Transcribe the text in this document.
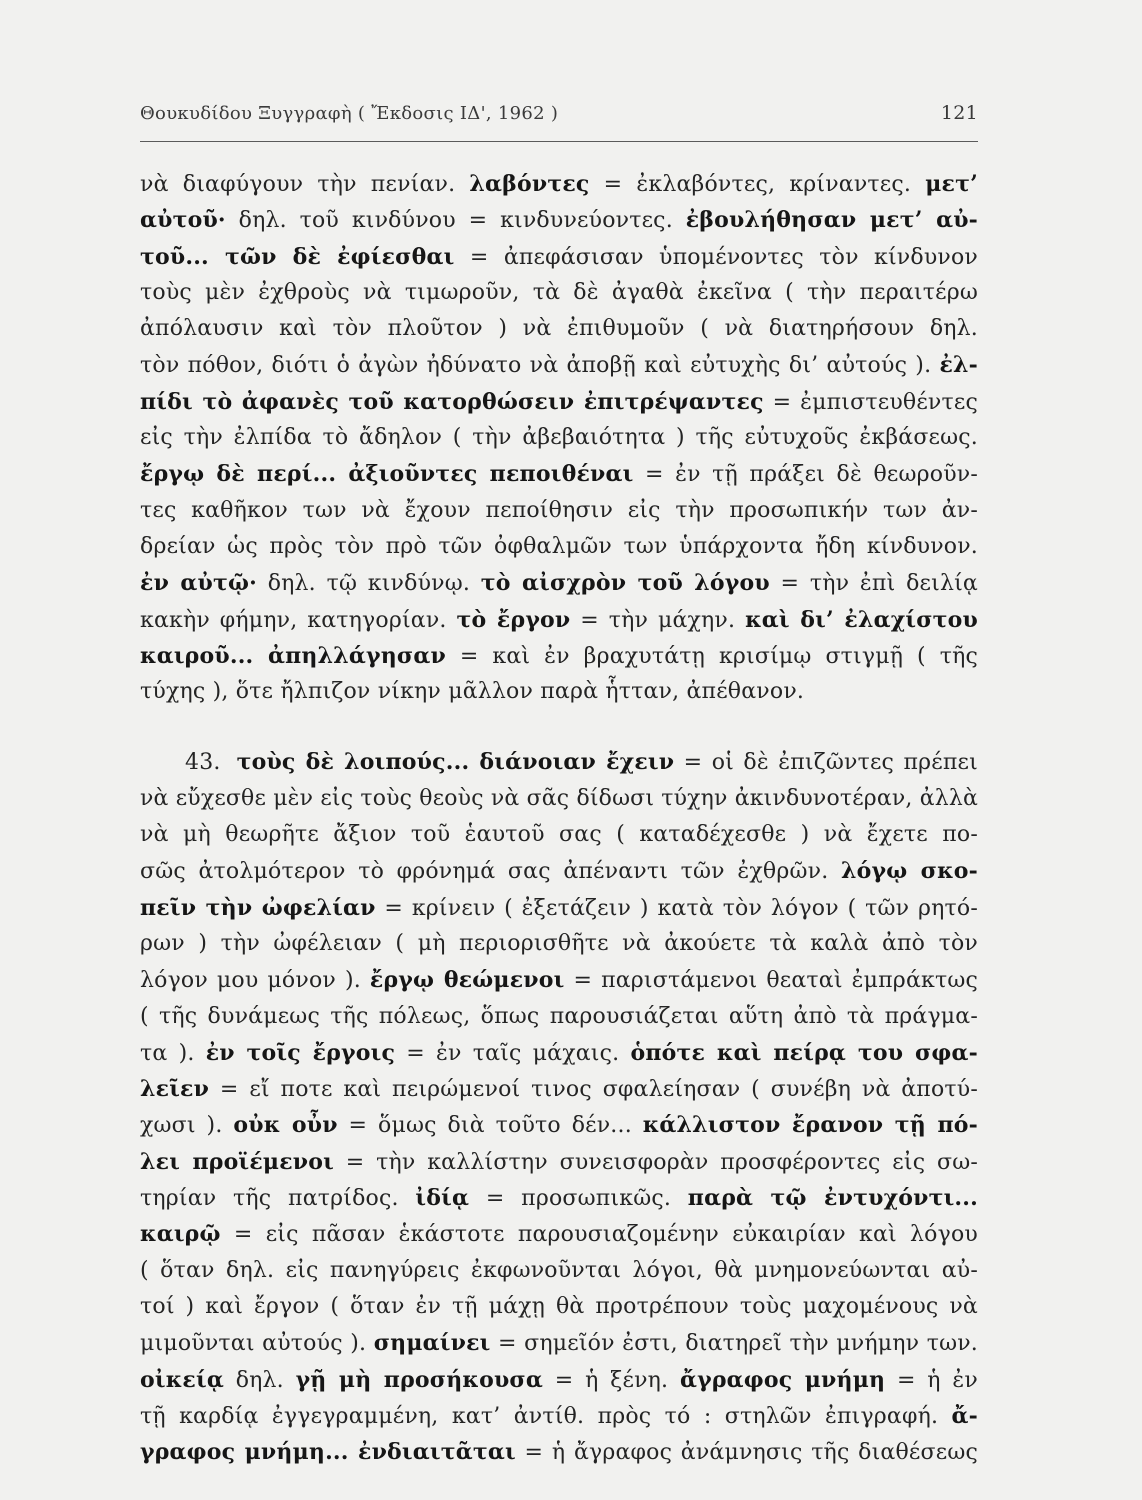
Θουκυδίδου Ξυγγραφὴ ( Ἔκδοσις ΙΔ', 1962 )	121
νὰ διαφύγουν τὴν πενίαν. λαβόντες = ἐκλαβόντες, κρίναντες. μετ’
αὐτοῦ· δηλ. τοῦ κινδύνου = κινδυνεύοντες. ἐβουλήθησαν μετ’ αὐ-
τοῦ... τῶν δὲ ἐφίεσθαι = ἀπεφάσισαν ὑπομένοντες τὸν κίνδυνον
τοὺς μὲν ἐχθροὺς νὰ τιμωροῦν, τὰ δὲ ἀγαθὰ ἐκεῖνα ( τὴν περαιτέρω
ἀπόλαυσιν καὶ τὸν πλοῦτον ) νὰ ἐπιθυμοῦν ( νὰ διατηρήσουν δηλ.
τὸν πόθον, διότι ὁ ἀγὼν ἠδύνατο νὰ ἀποβῇ καὶ εὐτυχὴς δι’ αὐτούς ). ἐλ-
πίδι τὸ ἀφανὲς τοῦ κατορθώσειν ἐπιτρέψαντες = ἐμπιστευθέντες
εἰς τὴν ἐλπίδα τὸ ἄδηλον ( τὴν ἀβεβαιότητα ) τῆς εὐτυχοῦς ἐκβάσεως.
ἔργῳ δὲ περί... ἀξιοῦντες πεποιθέναι = ἐν τῇ πράξει δὲ θεωροῦν-
τες καθῆκον των νὰ ἔχουν πεποίθησιν εἰς τὴν προσωπικήν των ἀν-
δρείαν ὡς πρὸς τὸν πρὸ τῶν ὀφθαλμῶν των ὑπάρχοντα ἤδη κίνδυνον.
ἐν αὐτῷ· δηλ. τῷ κινδύνῳ. τὸ αἰσχρὸν τοῦ λόγου = τὴν ἐπὶ δειλίᾳ
κακὴν φήμην, κατηγορίαν. τὸ ἔργον = τὴν μάχην. καὶ δι’ ἐλαχίστου
καιροῦ... ἀπηλλάγησαν = καὶ ἐν βραχυτάτῃ κρισίμῳ στιγμῇ ( τῆς
τύχης ), ὅτε ἤλπιζον νίκην μᾶλλον παρὰ ἧτταν, ἀπέθανον.
43. τοὺς δὲ λοιπούς... διάνοιαν ἔχειν = οἱ δὲ ἐπιζῶντες πρέπει
νὰ εὔχεσθε μὲν εἰς τοὺς θεοὺς νὰ σᾶς δίδωσι τύχην ἀκινδυνοτέραν, ἀλλὰ
νὰ μὴ θεωρῆτε ἄξιον τοῦ ἑαυτοῦ σας ( καταδέχεσθε ) νὰ ἔχετε πο-
σῶς ἀτολμότερον τὸ φρόνημά σας ἀπέναντι τῶν ἐχθρῶν. λόγῳ σκο-
πεῖν τὴν ὠφελίαν = κρίνειν ( ἐξετάζειν ) κατὰ τὸν λόγον ( τῶν ρητό-
ρων ) τὴν ὠφέλειαν ( μὴ περιορισθῆτε νὰ ἀκούετε τὰ καλὰ ἀπὸ τὸν
λόγον μου μόνον ). ἔργῳ θεώμενοι = παριστάμενοι θεαταὶ ἐμπράκτως
( τῆς δυνάμεως τῆς πόλεως, ὅπως παρουσιάζεται αὕτη ἀπὸ τὰ πράγμα-
τα ). ἐν τοῖς ἔργοις = ἐν ταῖς μάχαις. ὁπότε καὶ πείρᾳ του σφα-
λεῖεν = εἴ ποτε καὶ πειρώμενοί τινος σφαλείησαν ( συνέβη νὰ ἀποτύ-
χωσι ). οὐκ οὖν = ὅμως διὰ τοῦτο δέν... κάλλιστον ἔρανον τῇ πό-
λει προϊέμενοι = τὴν καλλίστην συνεισφορὰν προσφέροντες εἰς σω-
τηρίαν τῆς πατρίδος. ἰδίᾳ = προσωπικῶς. παρὰ τῷ ἐντυχόντι...
καιρῷ = εἰς πᾶσαν ἑκάστοτε παρουσιαζομένην εὐκαιρίαν καὶ λόγου
( ὅταν δηλ. εἰς πανηγύρεις ἐκφωνοῦνται λόγοι, θὰ μνημονεύωνται αὐ-
τοί ) καὶ ἔργον ( ὅταν ἐν τῇ μάχῃ θὰ προτρέπουν τοὺς μαχομένους νὰ
μιμοῦνται αὐτούς ). σημαίνει = σημεῖόν ἐστι, διατηρεῖ τὴν μνήμην των.
οἰκείᾳ δηλ. γῇ μὴ προσήκουσα = ἡ ξένη. ἄγραφος μνήμη = ἡ ἐν
τῇ καρδίᾳ ἐγγεγραμμένη, κατ’ ἀντίθ. πρὸς τό : στηλῶν ἐπιγραφή. ἄ-
γραφος μνήμη... ἐνδιαιτᾶται = ἡ ἄγραφος ἀνάμνησις τῆς διαθέσεως
